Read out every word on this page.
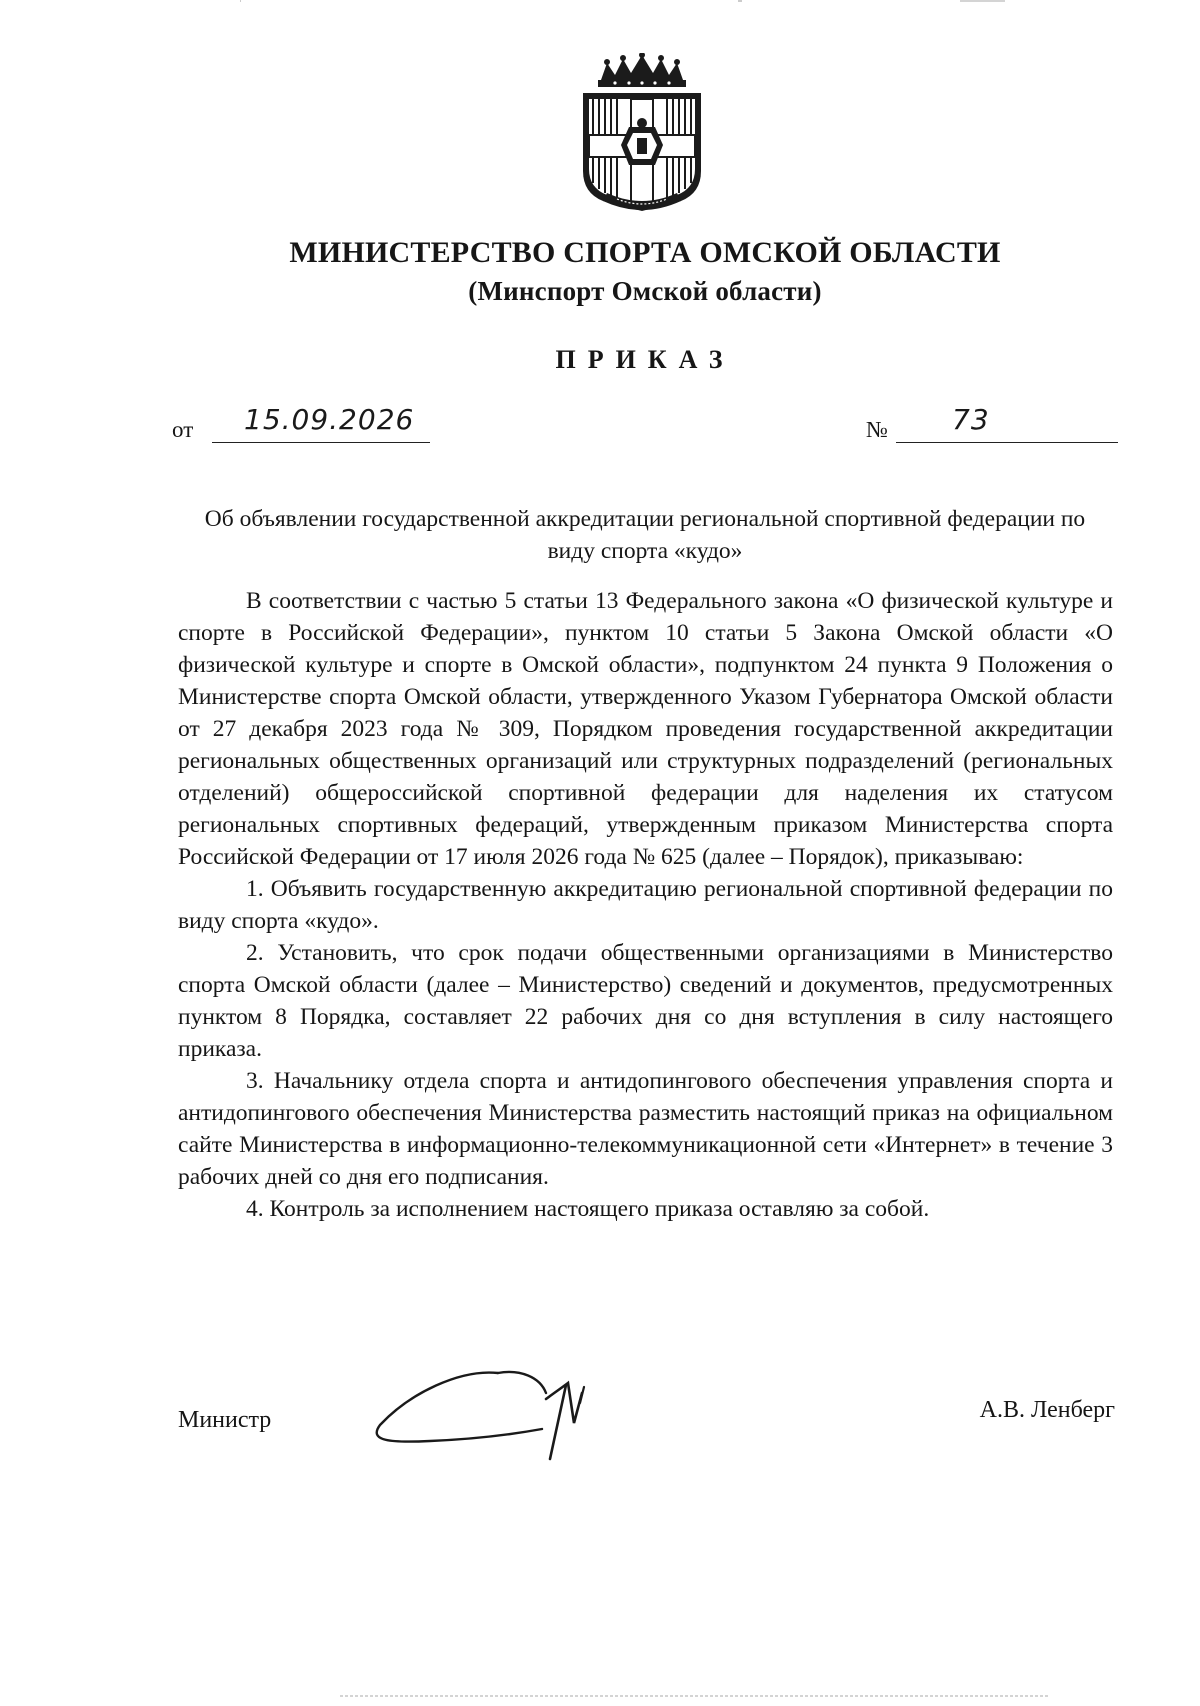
МИНИСТЕРСТВО СПОРТА ОМСКОЙ ОБЛАСТИ
(Минспорт Омской области)
ПРИКАЗ
от 15.09.2026	№ 73
Об объявлении государственной аккредитации региональной спортивной федерации по виду спорта «кудо»

В соответствии с частью 5 статьи 13 Федерального закона «О физической культуре и спорте в Российской Федерации», пунктом 10 статьи 5 Закона Омской области «О физической культуре и спорте в Омской области», подпунктом 24 пункта 9 Положения о Министерстве спорта Омской области, утвержденного Указом Губернатора Омской области от 27 декабря 2023 года № 309, Порядком проведения государственной аккредитации региональных общественных организаций или структурных подразделений (региональных отделений) общероссийской спортивной федерации для наделения их статусом региональных спортивных федераций, утвержденным приказом Министерства спорта Российской Федерации от 17 июля 2026 года № 625 (далее – Порядок), приказываю:

1. Объявить государственную аккредитацию региональной спортивной федерации по виду спорта «кудо».

2. Установить, что срок подачи общественными организациями в Министерство спорта Омской области (далее – Министерство) сведений и документов, предусмотренных пунктом 8 Порядка, составляет 22 рабочих дня со дня вступления в силу настоящего приказа.

3. Начальнику отдела спорта и антидопингового обеспечения управления спорта и антидопингового обеспечения Министерства разместить настоящий приказ на официальном сайте Министерства в информационно-телекоммуникационной сети «Интернет» в течение 3 рабочих дней со дня его подписания.

4. Контроль за исполнением настоящего приказа оставляю за собой.

Министр	А.В. Ленберг
